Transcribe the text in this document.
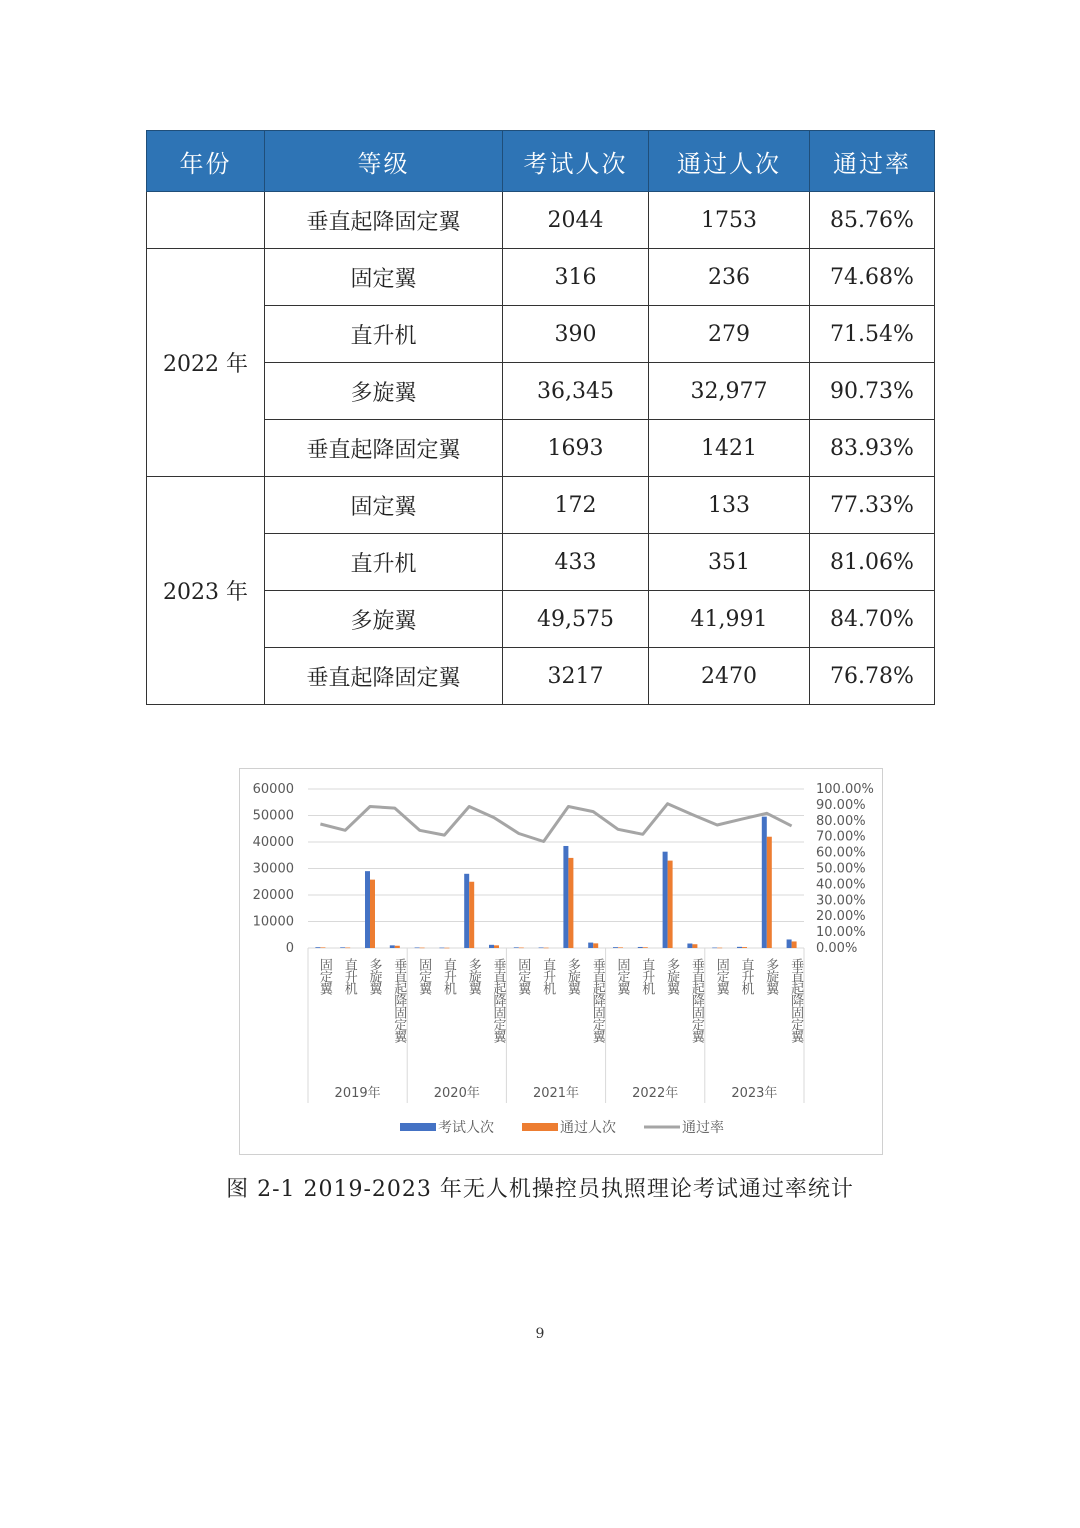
年份	等级	考试人次	通过人次	通过率
	垂直起降固定翼	2044	1753	85.76%
2022 年	固定翼	316	236	74.68%
	直升机	390	279	71.54%
	多旋翼	36,345	32,977	90.73%
	垂直起降固定翼	1693	1421	83.93%
2023 年	固定翼	172	133	77.33%
	直升机	433	351	81.06%
	多旋翼	49,575	41,991	84.70%
	垂直起降固定翼	3217	2470	76.78%
60000
50000
40000
30000
20000
10000
0
100.00%
90.00%
80.00%
70.00%
60.00%
50.00%
40.00%
30.00%
20.00%
10.00%
0.00%
固定翼 直升机 多旋翼 垂直起降固定翼 固定翼 直升机 多旋翼 垂直起降固定翼 固定翼 直升机 多旋翼 垂直起降固定翼 固定翼 直升机 多旋翼 垂直起降固定翼 固定翼 直升机 多旋翼 垂直起降固定翼
2019年	2020年	2021年	2022年	2023年
考试人次	通过人次	通过率
图 2-1 2019-2023 年无人机操控员执照理论考试通过率统计
9
